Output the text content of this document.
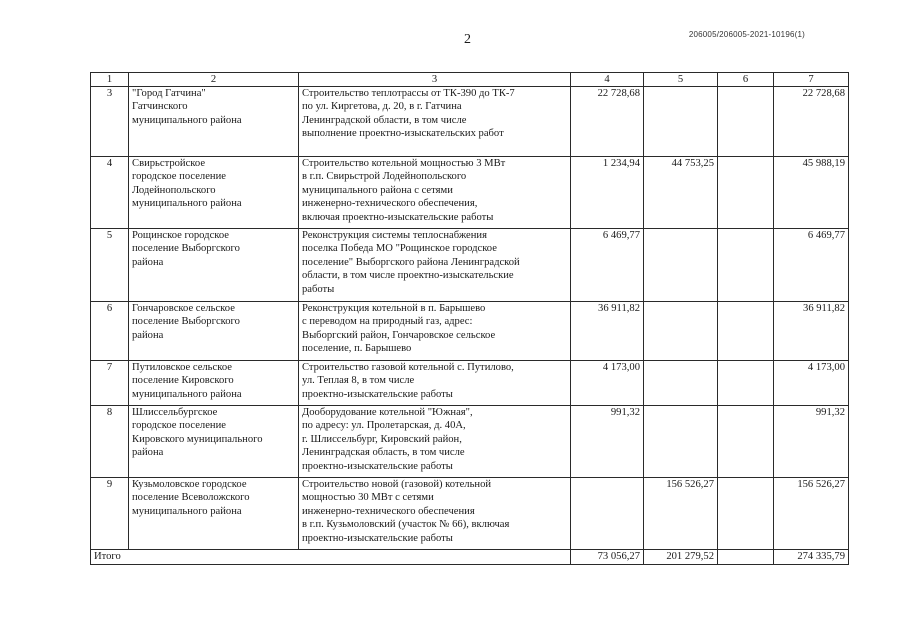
2	206005/206005-2021-10196(1)
1	2	3	4	5	6	7
3	"Город Гатчина"
Гатчинского
муниципального района	Строительство теплотрассы от ТК-390 до ТК-7
по ул. Киргетова, д. 20, в г. Гатчина
Ленинградской области, в том числе
выполнение проектно-изыскательских работ	22 728,68			22 728,68
4	Свирьстройское
городское поселение
Лодейнопольского
муниципального района	Строительство котельной мощностью 3 МВт
в г.п. Свирьстрой Лодейнопольского
муниципального района с сетями
инженерно-технического обеспечения,
включая проектно-изыскательские работы	1 234,94	44 753,25		45 988,19
5	Рощинское городское
поселение Выборгского
района	Реконструкция системы теплоснабжения
поселка Победа МО "Рощинское городское
поселение" Выборгского района Ленинградской
области, в том числе проектно-изыскательские
работы	6 469,77			6 469,77
6	Гончаровское сельское
поселение Выборгского
района	Реконструкция котельной в п. Барышево
с переводом на природный газ, адрес:
Выборгский район, Гончаровское сельское
поселение, п. Барышево	36 911,82			36 911,82
7	Путиловское сельское
поселение Кировского
муниципального района	Строительство газовой котельной с. Путилово,
ул. Теплая 8, в том числе
проектно-изыскательские работы	4 173,00			4 173,00
8	Шлиссельбургское
городское поселение
Кировского муниципального
района	Дооборудование котельной "Южная",
по адресу: ул. Пролетарская, д. 40А,
г. Шлиссельбург, Кировский район,
Ленинградская область, в том числе
проектно-изыскательские работы	991,32			991,32
9	Кузьмоловское городское
поселение Всеволожского
муниципального района	Строительство новой (газовой) котельной
мощностью 30 МВт с сетями
инженерно-технического обеспечения
в г.п. Кузьмоловский (участок № 66), включая
проектно-изыскательские работы		156 526,27		156 526,27
Итого			73 056,27	201 279,52		274 335,79
